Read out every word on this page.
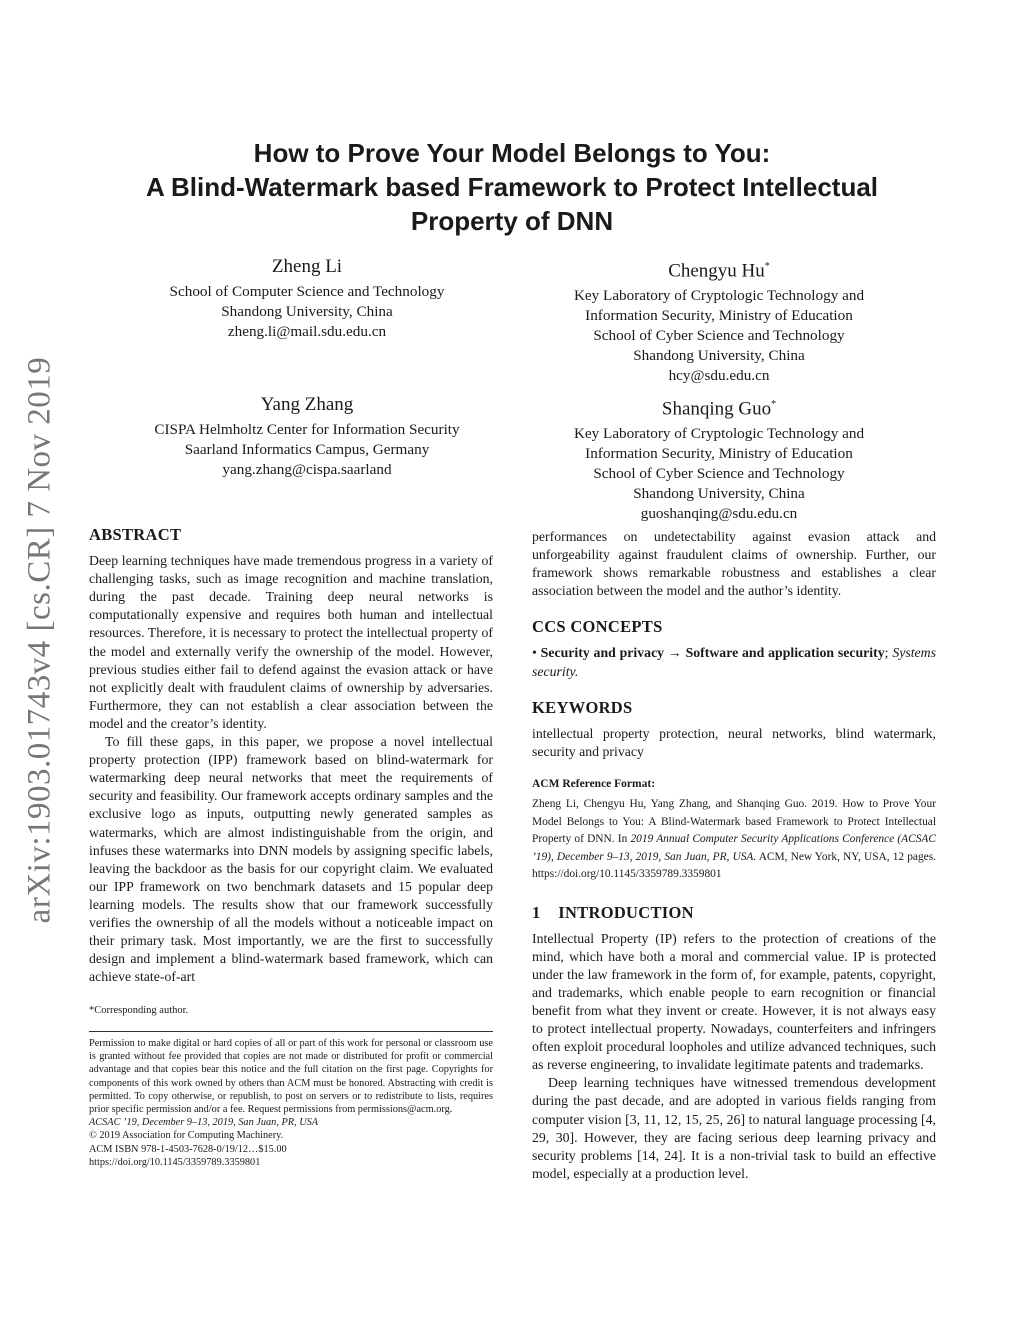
arXiv:1903.01743v4 [cs.CR] 7 Nov 2019
How to Prove Your Model Belongs to You:
A Blind-Watermark based Framework to Protect Intellectual
Property of DNN
Zheng Li
School of Computer Science and Technology
Shandong University, China
zheng.li@mail.sdu.edu.cn
Chengyu Hu*
Key Laboratory of Cryptologic Technology and
Information Security, Ministry of Education
School of Cyber Science and Technology
Shandong University, China
hcy@sdu.edu.cn
Yang Zhang
CISPA Helmholtz Center for Information Security
Saarland Informatics Campus, Germany
yang.zhang@cispa.saarland
Shanqing Guo*
Key Laboratory of Cryptologic Technology and
Information Security, Ministry of Education
School of Cyber Science and Technology
Shandong University, China
guoshanqing@sdu.edu.cn
ABSTRACT

Deep learning techniques have made tremendous progress in a variety of challenging tasks, such as image recognition and machine translation, during the past decade. Training deep neural networks is computationally expensive and requires both human and intellectual resources. Therefore, it is necessary to protect the intellectual property of the model and externally verify the ownership of the model. However, previous studies either fail to defend against the evasion attack or have not explicitly dealt with fraudulent claims of ownership by adversaries. Furthermore, they can not establish a clear association between the model and the creator’s identity.

To fill these gaps, in this paper, we propose a novel intellectual property protection (IPP) framework based on blind-watermark for watermarking deep neural networks that meet the requirements of security and feasibility. Our framework accepts ordinary samples and the exclusive logo as inputs, outputting newly generated samples as watermarks, which are almost indistinguishable from the origin, and infuses these watermarks into DNN models by assigning specific labels, leaving the backdoor as the basis for our copyright claim. We evaluated our IPP framework on two benchmark datasets and 15 popular deep learning models. The results show that our framework successfully verifies the ownership of all the models without a noticeable impact on their primary task. Most importantly, we are the first to successfully design and implement a blind-watermark based framework, which can achieve state-of-art

*Corresponding author.

Permission to make digital or hard copies of all or part of this work for personal or classroom use is granted without fee provided that copies are not made or distributed for profit or commercial advantage and that copies bear this notice and the full citation on the first page. Copyrights for components of this work owned by others than ACM must be honored. Abstracting with credit is permitted. To copy otherwise, or republish, to post on servers or to redistribute to lists, requires prior specific permission and/or a fee. Request permissions from permissions@acm.org.

ACSAC ’19, December 9–13, 2019, San Juan, PR, USA

© 2019 Association for Computing Machinery.

ACM ISBN 978-1-4503-7628-0/19/12…$15.00

https://doi.org/10.1145/3359789.3359801

performances on undetectability against evasion attack and unforgeability against fraudulent claims of ownership. Further, our framework shows remarkable robustness and establishes a clear association between the model and the author’s identity.

CCS CONCEPTS

• Security and privacy → Software and application security; Systems security.

KEYWORDS

intellectual property protection, neural networks, blind watermark, security and privacy

ACM Reference Format:

Zheng Li, Chengyu Hu, Yang Zhang, and Shanqing Guo. 2019. How to Prove Your Model Belongs to You: A Blind-Watermark based Framework to Protect Intellectual Property of DNN. In 2019 Annual Computer Security Applications Conference (ACSAC ’19), December 9–13, 2019, San Juan, PR, USA. ACM, New York, NY, USA, 12 pages. https://doi.org/10.1145/3359789.3359801

1    INTRODUCTION

Intellectual Property (IP) refers to the protection of creations of the mind, which have both a moral and commercial value. IP is protected under the law framework in the form of, for example, patents, copyright, and trademarks, which enable people to earn recognition or financial benefit from what they invent or create. However, it is not always easy to protect intellectual property. Nowadays, counterfeiters and infringers often exploit procedural loopholes and utilize advanced techniques, such as reverse engineering, to invalidate legitimate patents and trademarks.

Deep learning techniques have witnessed tremendous development during the past decade, and are adopted in various fields ranging from computer vision [3, 11, 12, 15, 25, 26] to natural language processing [4, 29, 30]. However, they are facing serious deep learning privacy and security problems [14, 24]. It is a non-trivial task to build an effective model, especially at a production level.
